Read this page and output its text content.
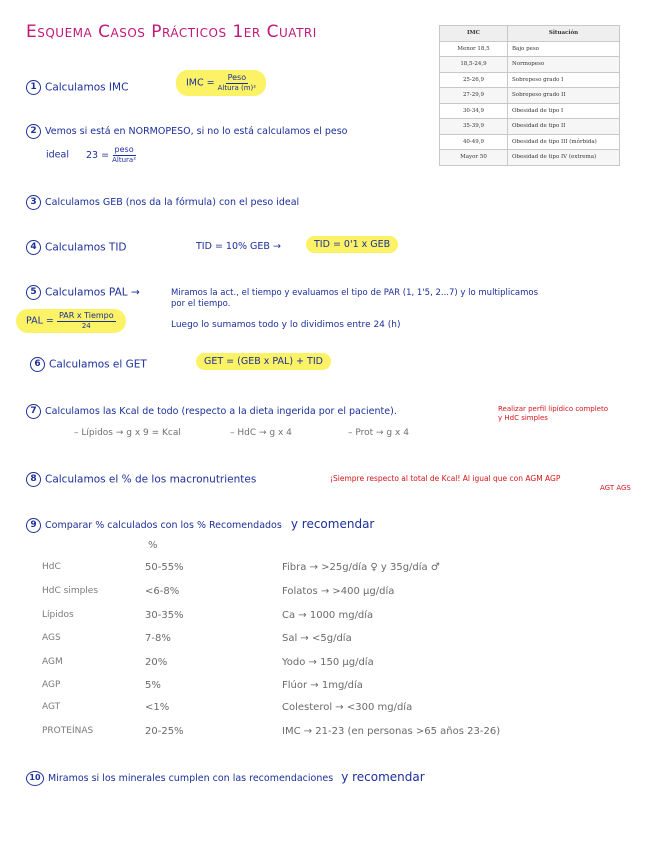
Esquema Casos Prácticos 1er Cuatri	IMC	Situación
Menor 18,5	Bajo peso
18,5-24,9	Normopeso
25-26,9	Sobrepeso grado I
27-29,9	Sobrepeso grado II
30-34,9	Obesidad de tipo I
35-39,9	Obesidad de tipo II
40-49,9	Obesidad de tipo III (mórbida)
Mayor 50	Obesidad de tipo IV (extrema)
1 Calculamos IMC	IMC = $\frac{\text{Peso}}{\text{Altura (m)²}}$
2 Vemos si está en NORMOPESO, si no lo está calculamos el peso
ideal $23 = \frac{\text{peso}}{\text{Altura²}}$
3 Calculamos GEB (nos da la fórmula) con el peso ideal
4 Calculamos TID	TID = 10% GEB →	TID = 0'1 x GEB
5 Calculamos PAL →	Miramos la act., el tiempo y evaluamos el tipo de PAR (1, 1'5, 2...7) y lo multiplicamos
por el tiempo.
PAL = $\frac{\text{PAR x Tiempo}}{24}$	Luego lo sumamos todo y lo dividimos entre 24 (h)
6 Calculamos el GET	GET = (GEB x PAL) + TID
7 Calculamos las Kcal de todo (respecto a la dieta ingerida por el paciente).	Realizar perfil lipídico completo
y HdC simples
– Lípidos → g x 9 = Kcal	– HdC → g x 4	– Prot → g x 4
8 Calculamos el % de los macronutrientes	¡Siempre respecto al total de Kcal! Al igual que con AGM AGP
AGT AGS
9 Comparar % calculados con los % Recomendados y recomendar
%
HdC	50-55%	Fibra → >25g/día ♀ y 35g/día ♂
HdC simples	<6-8%	Folatos → >400 µg/día
Lípidos	30-35%	Ca → 1000 mg/día
AGS	7-8%	Sal → <5g/día
AGM	20%	Yodo → 150 µg/día
AGP	5%	Flúor → 1mg/día
AGT	<1%	Colesterol → <300 mg/día
PROTEÍNAS	20-25%	IMC → 21-23 (en personas >65 años 23-26)
10 Miramos si los minerales cumplen con las recomendaciones y recomendar
